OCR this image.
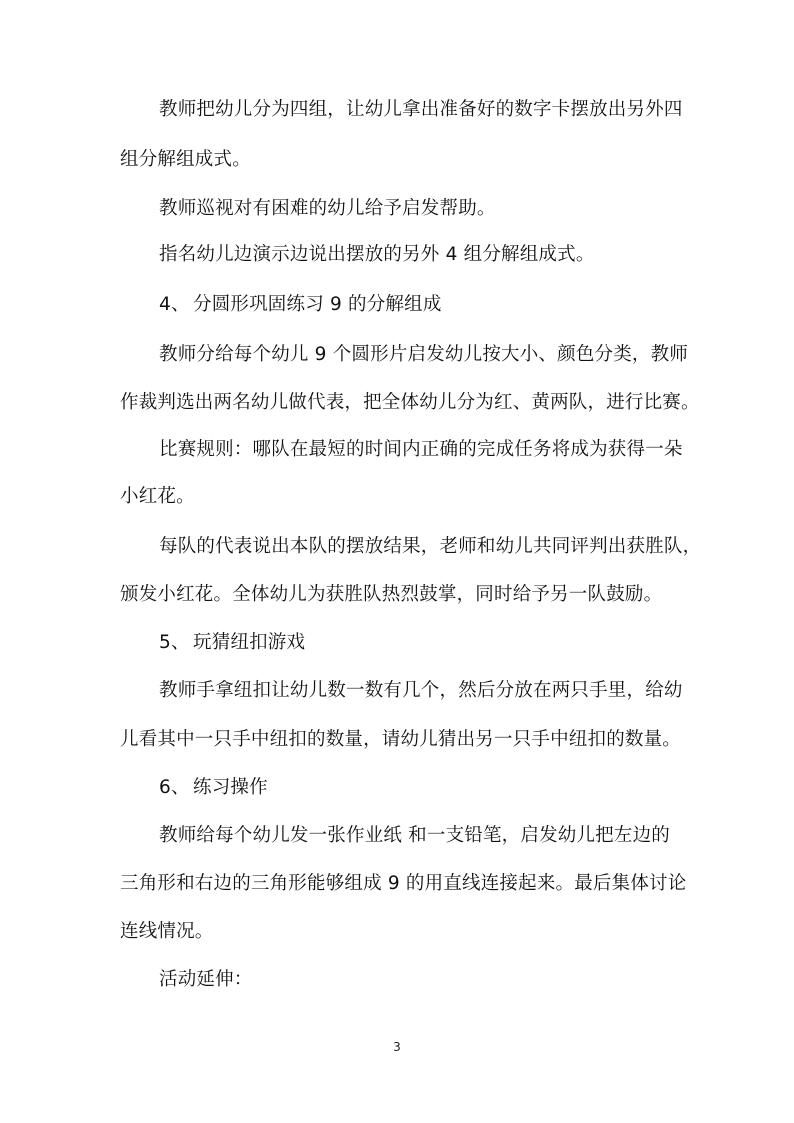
教师把幼儿分为四组，让幼儿拿出准备好的数字卡摆放出另外四
组分解组成式。
教师巡视对有困难的幼儿给予启发帮助。
指名幼儿边演示边说出摆放的另外 4 组分解组成式。
4、 分圆形巩固练习 9 的分解组成
教师分给每个幼儿 9 个圆形片启发幼儿按大小、颜色分类，教师
作裁判选出两名幼儿做代表，把全体幼儿分为红、黄两队，进行比赛。
比赛规则：哪队在最短的时间内正确的完成任务将成为获得一朵
小红花。
每队的代表说出本队的摆放结果，老师和幼儿共同评判出获胜队，
颁发小红花。全体幼儿为获胜队热烈鼓掌，同时给予另一队鼓励。
5、 玩猜纽扣游戏
教师手拿纽扣让幼儿数一数有几个，然后分放在两只手里，给幼
儿看其中一只手中纽扣的数量，请幼儿猜出另一只手中纽扣的数量。
6、 练习操作
教师给每个幼儿发一张作业纸 和一支铅笔，启发幼儿把左边的
三角形和右边的三角形能够组成 9 的用直线连接起来。最后集体讨论
连线情况。
活动延伸：
3
